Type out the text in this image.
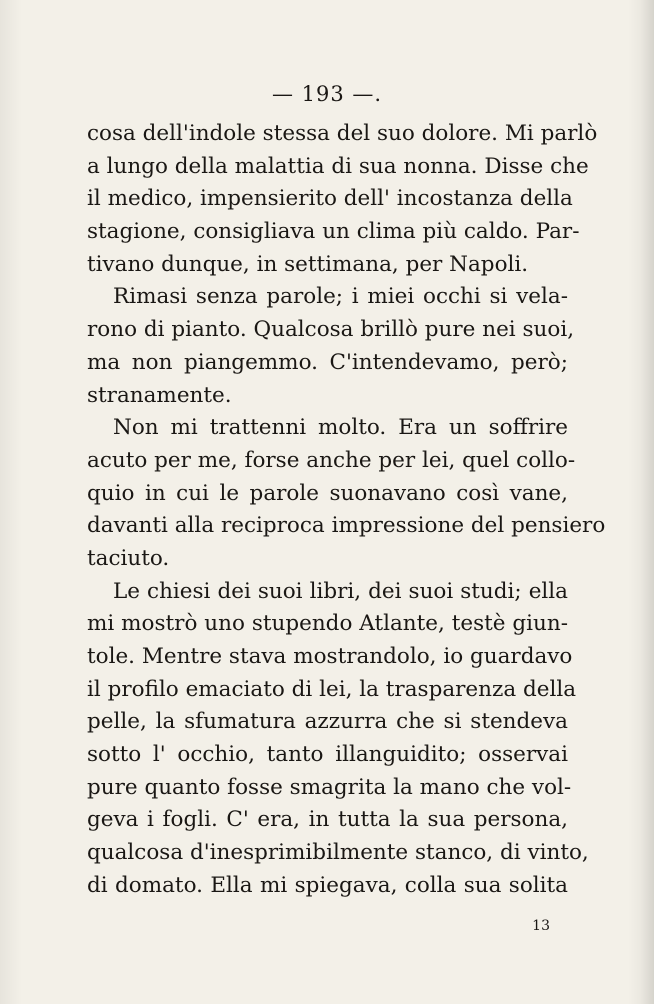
— 193 —.
cosa dell'indole stessa del suo dolore. Mi parlò
a lungo della malattia di sua nonna. Disse che
il medico, impensierito dell' incostanza della
stagione, consigliava un clima più caldo. Par-
tivano dunque, in settimana, per Napoli.
Rimasi senza parole; i miei occhi si vela-
rono di pianto. Qualcosa brillò pure nei suoi,
ma non piangemmo. C'intendevamo, però;
stranamente.
Non mi trattenni molto. Era un soffrire
acuto per me, forse anche per lei, quel collo-
quio in cui le parole suonavano così vane,
davanti alla reciproca impressione del pensiero
taciuto.
Le chiesi dei suoi libri, dei suoi studi; ella
mi mostrò uno stupendo Atlante, testè giun-
tole. Mentre stava mostrandolo, io guardavo
il profilo emaciato di lei, la trasparenza della
pelle, la sfumatura azzurra che si stendeva
sotto l' occhio, tanto illanguidito; osservai
pure quanto fosse smagrita la mano che vol-
geva i fogli. C' era, in tutta la sua persona,
qualcosa d'inesprimibilmente stanco, di vinto,
di domato. Ella mi spiegava, colla sua solita
13
